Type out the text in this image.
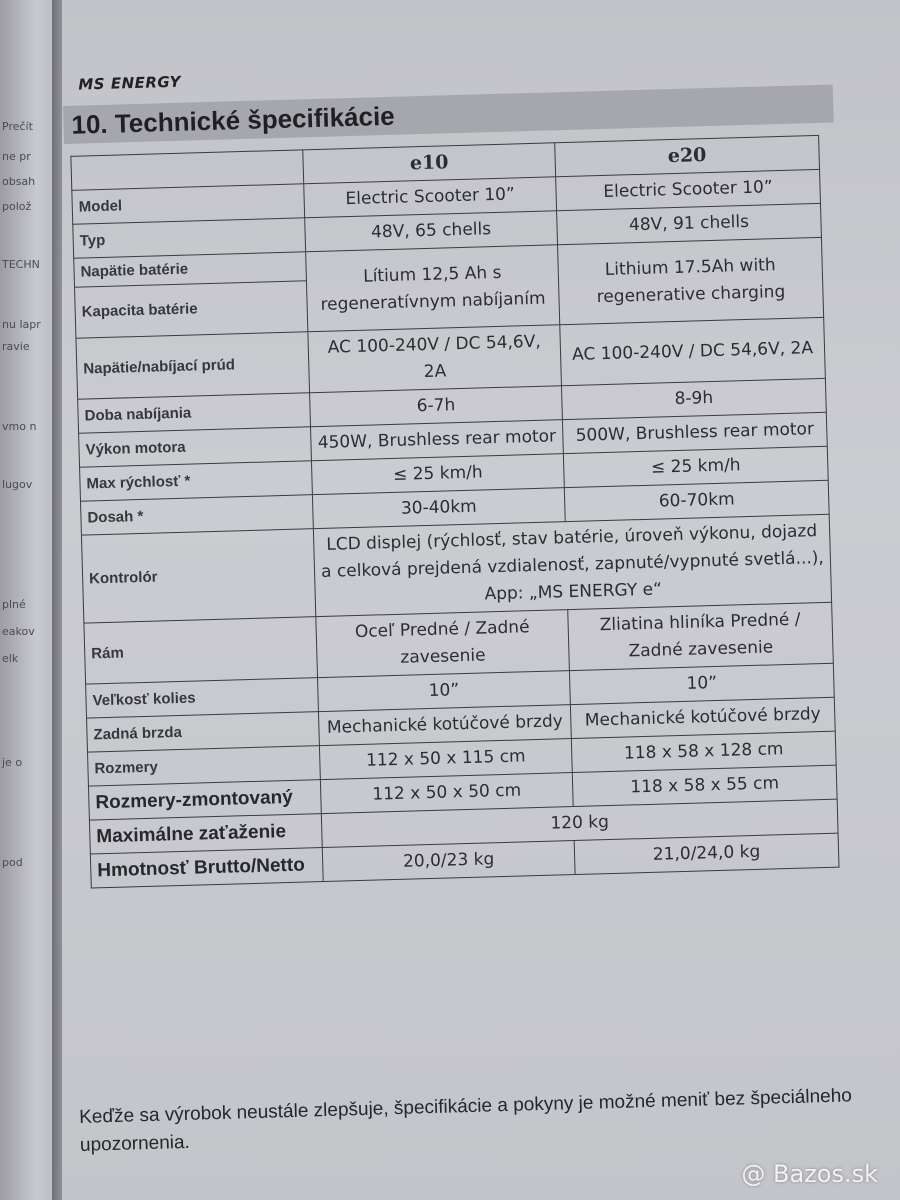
Prečít
ne pr
obsah
polož
TECHN
nu lapr
ravie
vmo n
lugov
plné
eakov
elk
je o
pod
MS ENERGY
10. Technické špecifikácie
	e10	e20
Model	Electric Scooter 10”	Electric Scooter 10”
Typ	48V, 65 chells	48V, 91 chells
Napätie batérie	Lítium 12,5 Ah s regeneratívnym nabíjaním	Lithium 17.5Ah with regenerative charging
Kapacita batérie		
Napätie/nabíjací prúd	AC 100-240V / DC 54,6V, 2A	AC 100-240V / DC 54,6V, 2A
Doba nabíjania	6-7h	8-9h
Výkon motora	450W, Brushless rear motor	500W, Brushless rear motor
Max rýchlosť *	≤ 25 km/h	≤ 25 km/h
Dosah *	30-40km	60-70km
Kontrolór	LCD displej (rýchlosť, stav batérie, úroveň výkonu, dojazd a celková prejdená vzdialenosť, zapnuté/vypnuté svetlá...), App: „MS ENERGY e“	
Rám	Oceľ Predné / Zadné zavesenie	Zliatina hliníka Predné / Zadné zavesenie
Veľkosť kolies	10”	10”
Zadná brzda	Mechanické kotúčové brzdy	Mechanické kotúčové brzdy
Rozmery	112 x 50 x 115 cm	118 x 58 x 128 cm
Rozmery-zmontovaný	112 x 50 x 50 cm	118 x 58 x 55 cm
Maximálne zaťaženie	120 kg	
Hmotnosť Brutto/Netto	20,0/23 kg	21,0/24,0 kg
Keďže sa výrobok neustále zlepšuje, špecifikácie a pokyny je možné meniť bez špeciálneho upozornenia.
@ Bazos.sk
